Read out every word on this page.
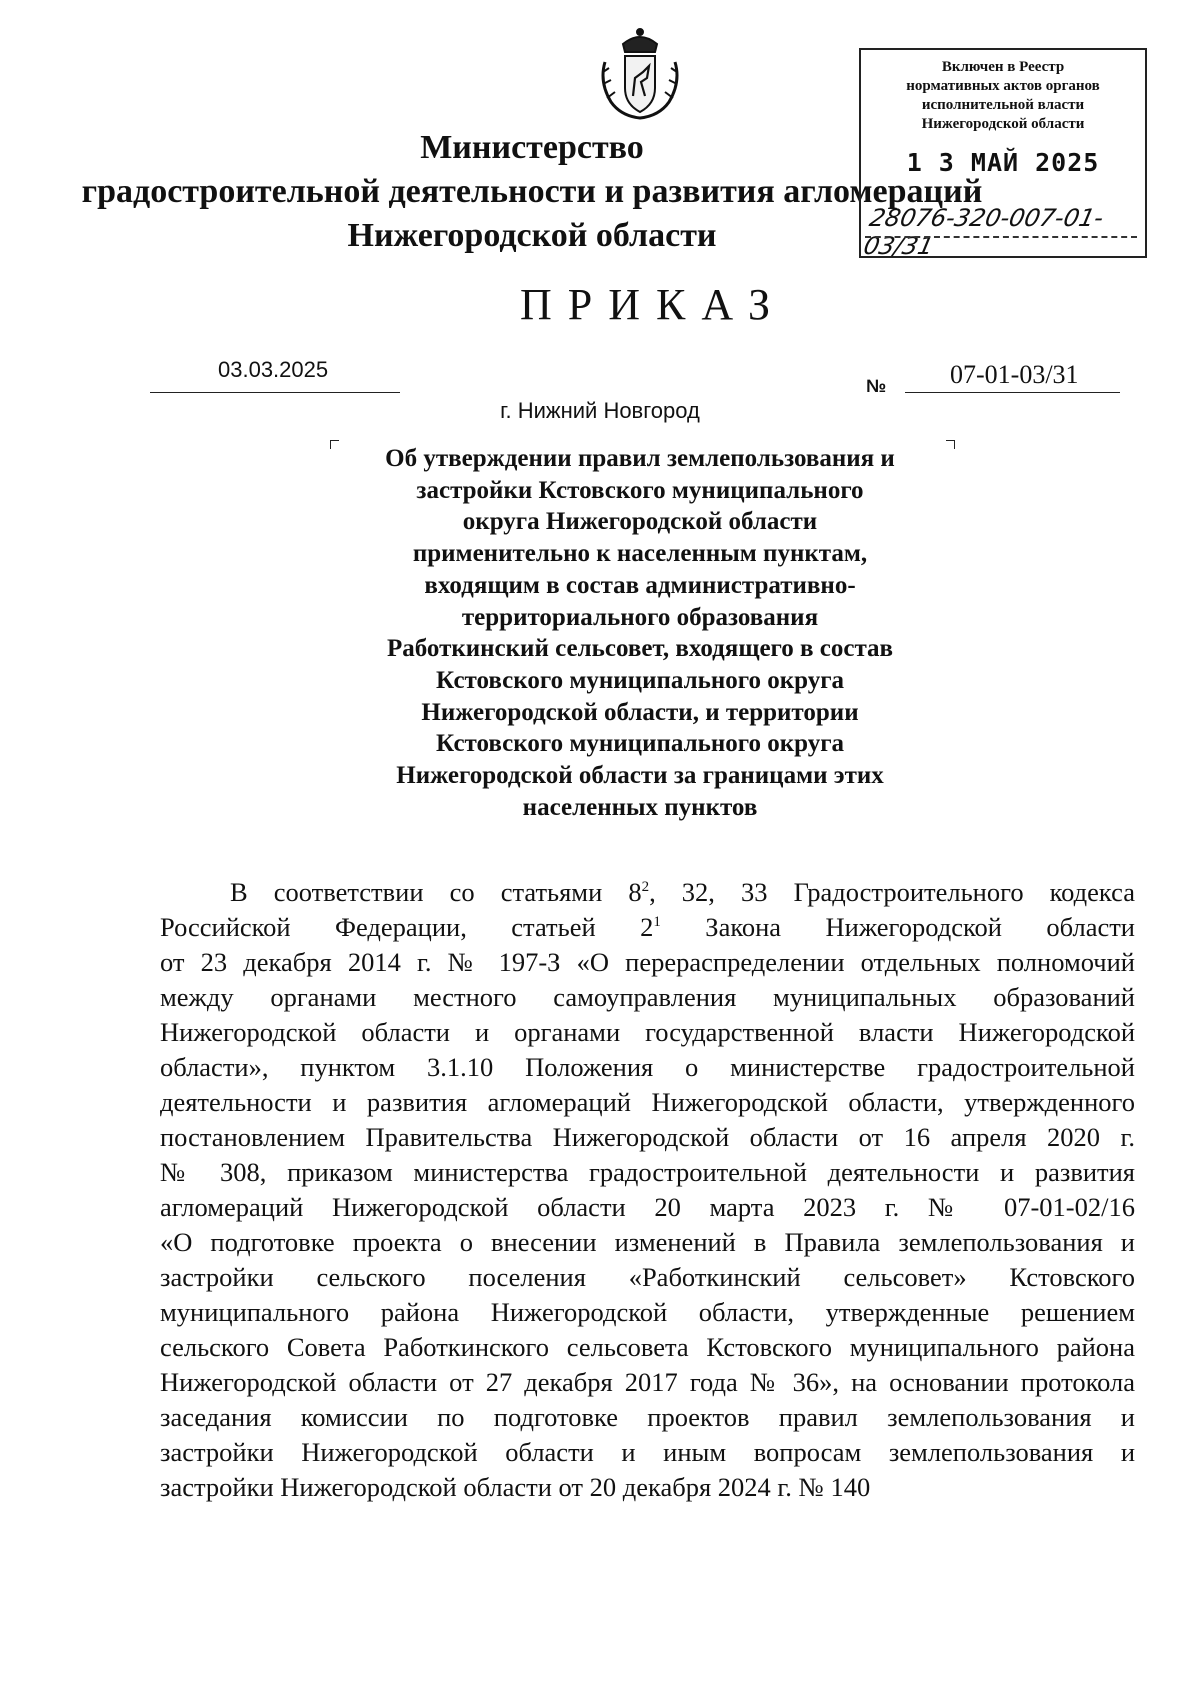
Министерство
градостроительной деятельности и развития агломераций
Нижегородской области
Включен в Реестр
нормативных актов органов
исполнительной власти
Нижегородской области
1 3 МАЙ 2025
28076-320-007-01-03/31
ПРИКАЗ
03.03.2025
№ 07-01-03/31
г. Нижний Новгород
Об утверждении правил землепользования и
застройки Кстовского муниципального
округа Нижегородской области
применительно к населенным пунктам,
входящим в состав административно-
территориального образования
Работкинский сельсовет, входящего в состав
Кстовского муниципального округа
Нижегородской области, и территории
Кстовского муниципального округа
Нижегородской области за границами этих
населенных пунктов
В соответствии со статьями $8^2$, 32, 33 Градостроительного кодекса
Российской Федерации, статьей $2^1$ Закона Нижегородской области
от 23 декабря 2014 г. № 197-З «О перераспределении отдельных полномочий
между органами местного самоуправления муниципальных образований
Нижегородской области и органами государственной власти Нижегородской
области», пунктом 3.1.10 Положения о министерстве градостроительной
деятельности и развития агломераций Нижегородской области, утвержденного
постановлением Правительства Нижегородской области от 16 апреля 2020 г.
№ 308, приказом министерства градостроительной деятельности и развития
агломераций Нижегородской области 20 марта 2023 г. № 07-01-02/16
«О подготовке проекта о внесении изменений в Правила землепользования и
застройки сельского поселения «Работкинский сельсовет» Кстовского
муниципального района Нижегородской области, утвержденные решением
сельского Совета Работкинского сельсовета Кстовского муниципального района
Нижегородской области от 27 декабря 2017 года № 36», на основании протокола
заседания комиссии по подготовке проектов правил землепользования и
застройки Нижегородской области и иным вопросам землепользования и
застройки Нижегородской области от 20 декабря 2024 г. № 140
